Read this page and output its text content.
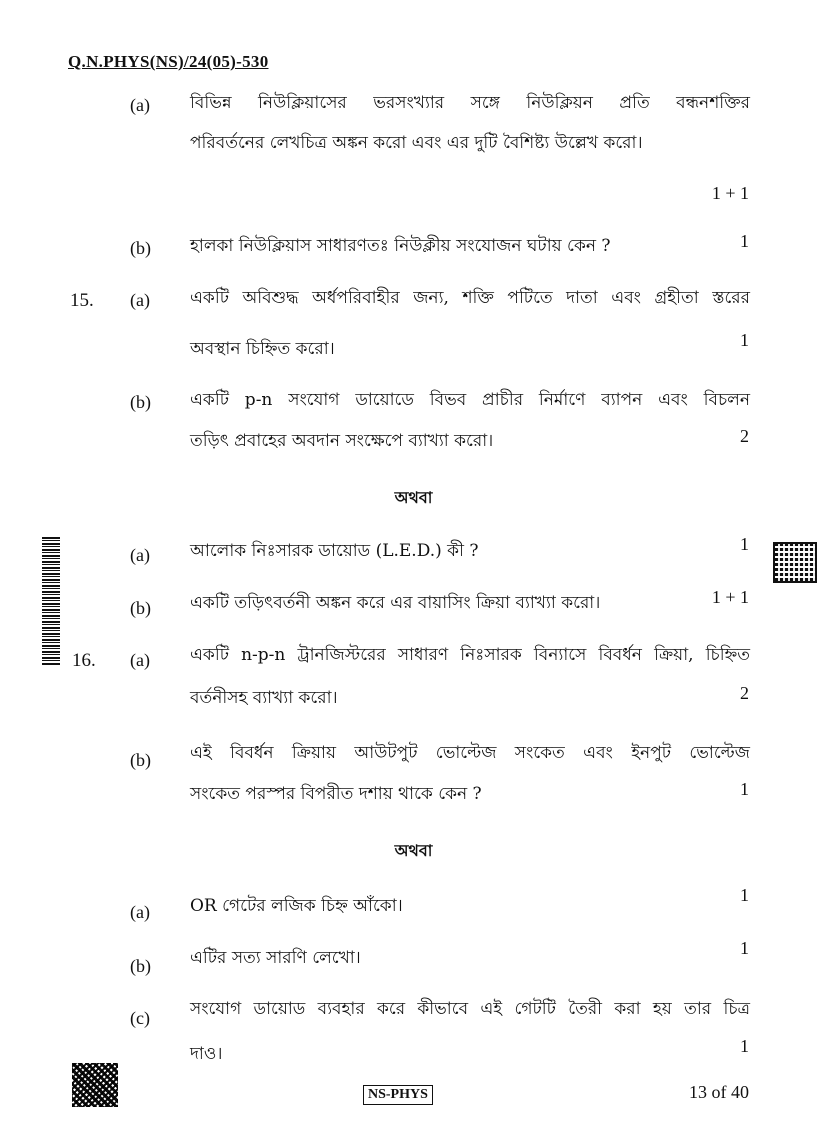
Q.N.PHYS(NS)/24(05)-530
(a) বিভিন্ন নিউক্লিয়াসের ভরসংখ্যার সঙ্গে নিউক্লিয়ন প্রতি বন্ধনশক্তির
পরিবর্তনের লেখচিত্র অঙ্কন করো এবং এর দুটি বৈশিষ্ট্য উল্লেখ করো।
1 + 1
(b) হালকা নিউক্লিয়াস সাধারণতঃ নিউক্লীয় সংযোজন ঘটায় কেন ?	1
15. (a) একটি অবিশুদ্ধ অর্ধপরিবাহীর জন্য, শক্তি পটিতে দাতা এবং গ্রহীতা স্তরের
অবস্থান চিহ্নিত করো।	1
(b) একটি p-n সংযোগ ডায়োডে বিভব প্রাচীর নির্মাণে ব্যাপন এবং বিচলন
তড়িৎ প্রবাহের অবদান সংক্ষেপে ব্যাখ্যা করো।	2
অথবা
(a) আলোক নিঃসারক ডায়োড (L.E.D.) কী ?	1
(b) একটি তড়িৎবর্তনী অঙ্কন করে এর বায়াসিং ক্রিয়া ব্যাখ্যা করো।	1 + 1
16. (a) একটি n-p-n ট্রানজিস্টরের সাধারণ নিঃসারক বিন্যাসে বিবর্ধন ক্রিয়া, চিহ্নিত
বর্তনীসহ ব্যাখ্যা করো।	2
(b) এই বিবর্ধন ক্রিয়ায় আউটপুট ভোল্টেজ সংকেত এবং ইনপুট ভোল্টেজ
সংকেত পরস্পর বিপরীত দশায় থাকে কেন ?	1
অথবা
(a) OR গেটের লজিক চিহ্ন আঁকো।
1
(b) এটির সত্য সারণি লেখো।	1
(c) সংযোগ ডায়োড ব্যবহার করে কীভাবে এই গেটটি তৈরী করা হয় তার চিত্র
দাও।	1
NS-PHYS	13 of 40
